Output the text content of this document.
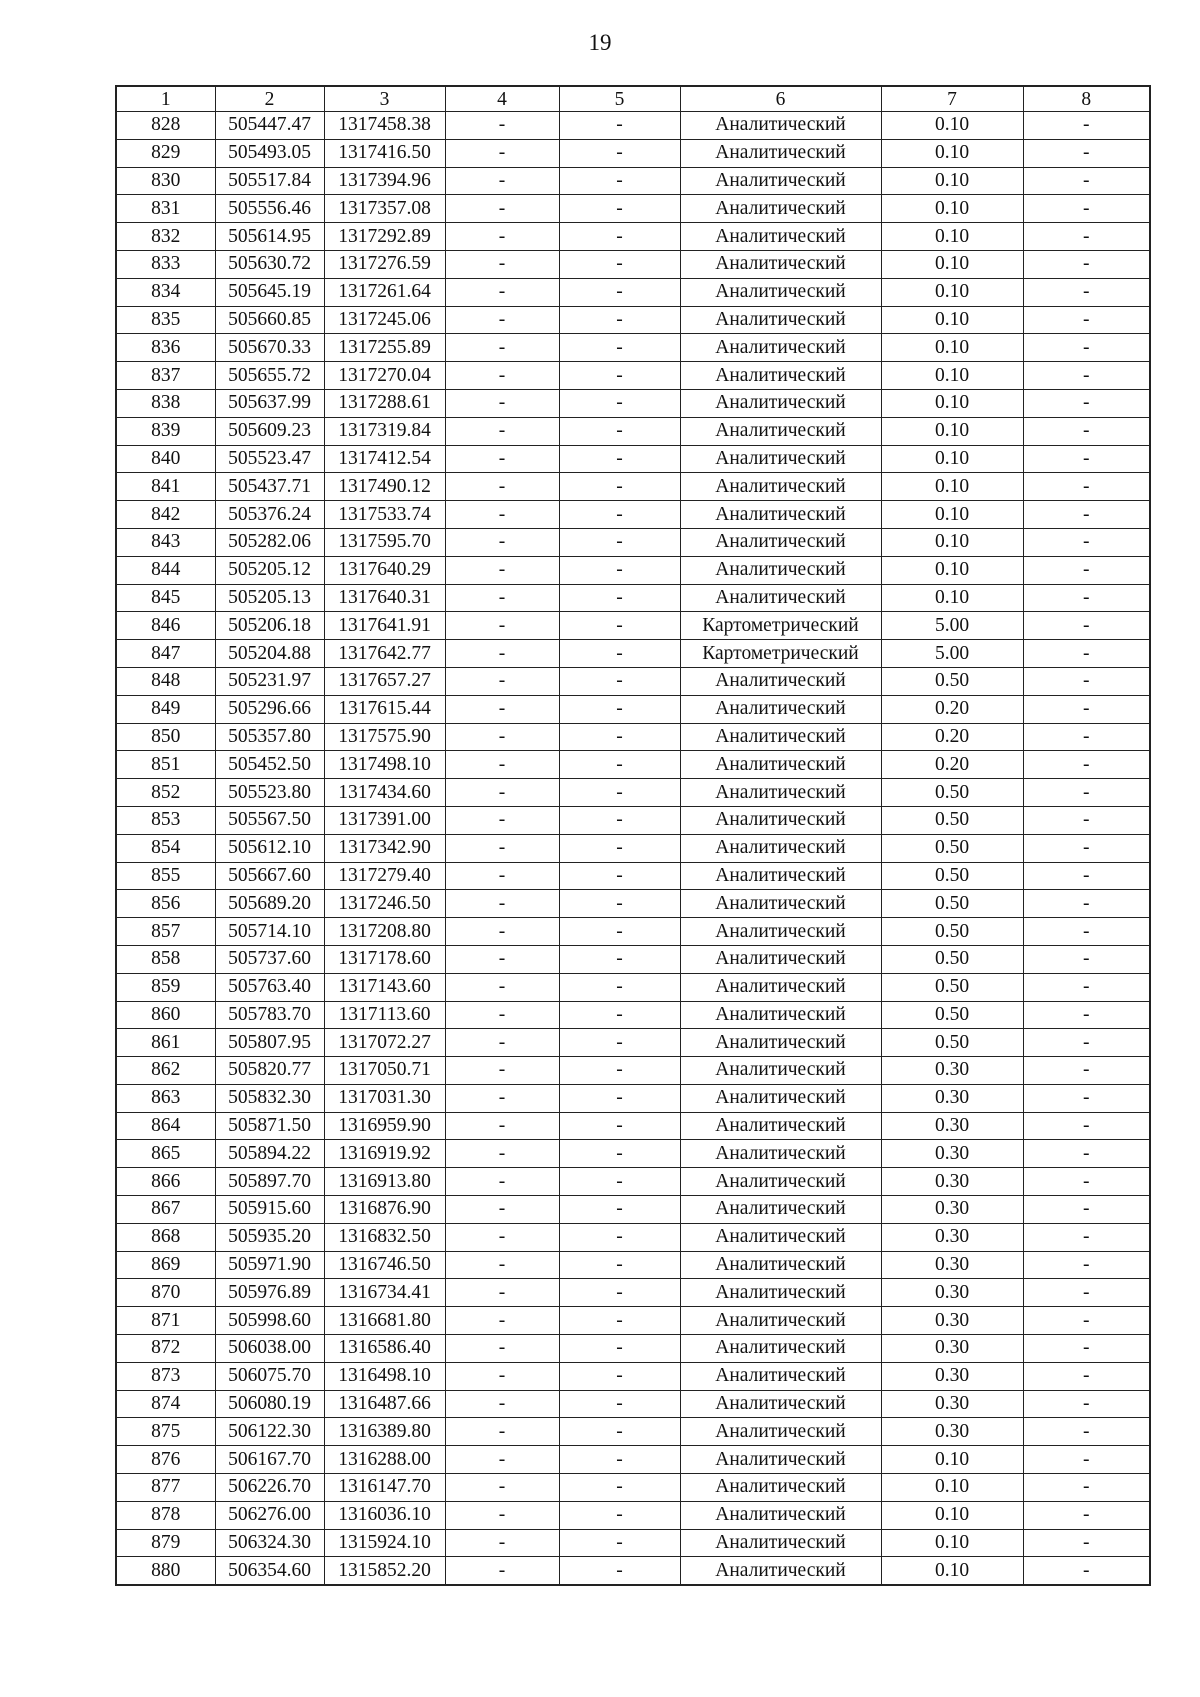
19
1	2	3	4	5	6	7	8
828	505447.47	1317458.38	-	-	Аналитический	0.10	-
829	505493.05	1317416.50	-	-	Аналитический	0.10	-
830	505517.84	1317394.96	-	-	Аналитический	0.10	-
831	505556.46	1317357.08	-	-	Аналитический	0.10	-
832	505614.95	1317292.89	-	-	Аналитический	0.10	-
833	505630.72	1317276.59	-	-	Аналитический	0.10	-
834	505645.19	1317261.64	-	-	Аналитический	0.10	-
835	505660.85	1317245.06	-	-	Аналитический	0.10	-
836	505670.33	1317255.89	-	-	Аналитический	0.10	-
837	505655.72	1317270.04	-	-	Аналитический	0.10	-
838	505637.99	1317288.61	-	-	Аналитический	0.10	-
839	505609.23	1317319.84	-	-	Аналитический	0.10	-
840	505523.47	1317412.54	-	-	Аналитический	0.10	-
841	505437.71	1317490.12	-	-	Аналитический	0.10	-
842	505376.24	1317533.74	-	-	Аналитический	0.10	-
843	505282.06	1317595.70	-	-	Аналитический	0.10	-
844	505205.12	1317640.29	-	-	Аналитический	0.10	-
845	505205.13	1317640.31	-	-	Аналитический	0.10	-
846	505206.18	1317641.91	-	-	Картометрический	5.00	-
847	505204.88	1317642.77	-	-	Картометрический	5.00	-
848	505231.97	1317657.27	-	-	Аналитический	0.50	-
849	505296.66	1317615.44	-	-	Аналитический	0.20	-
850	505357.80	1317575.90	-	-	Аналитический	0.20	-
851	505452.50	1317498.10	-	-	Аналитический	0.20	-
852	505523.80	1317434.60	-	-	Аналитический	0.50	-
853	505567.50	1317391.00	-	-	Аналитический	0.50	-
854	505612.10	1317342.90	-	-	Аналитический	0.50	-
855	505667.60	1317279.40	-	-	Аналитический	0.50	-
856	505689.20	1317246.50	-	-	Аналитический	0.50	-
857	505714.10	1317208.80	-	-	Аналитический	0.50	-
858	505737.60	1317178.60	-	-	Аналитический	0.50	-
859	505763.40	1317143.60	-	-	Аналитический	0.50	-
860	505783.70	1317113.60	-	-	Аналитический	0.50	-
861	505807.95	1317072.27	-	-	Аналитический	0.50	-
862	505820.77	1317050.71	-	-	Аналитический	0.30	-
863	505832.30	1317031.30	-	-	Аналитический	0.30	-
864	505871.50	1316959.90	-	-	Аналитический	0.30	-
865	505894.22	1316919.92	-	-	Аналитический	0.30	-
866	505897.70	1316913.80	-	-	Аналитический	0.30	-
867	505915.60	1316876.90	-	-	Аналитический	0.30	-
868	505935.20	1316832.50	-	-	Аналитический	0.30	-
869	505971.90	1316746.50	-	-	Аналитический	0.30	-
870	505976.89	1316734.41	-	-	Аналитический	0.30	-
871	505998.60	1316681.80	-	-	Аналитический	0.30	-
872	506038.00	1316586.40	-	-	Аналитический	0.30	-
873	506075.70	1316498.10	-	-	Аналитический	0.30	-
874	506080.19	1316487.66	-	-	Аналитический	0.30	-
875	506122.30	1316389.80	-	-	Аналитический	0.30	-
876	506167.70	1316288.00	-	-	Аналитический	0.10	-
877	506226.70	1316147.70	-	-	Аналитический	0.10	-
878	506276.00	1316036.10	-	-	Аналитический	0.10	-
879	506324.30	1315924.10	-	-	Аналитический	0.10	-
880	506354.60	1315852.20	-	-	Аналитический	0.10	-
